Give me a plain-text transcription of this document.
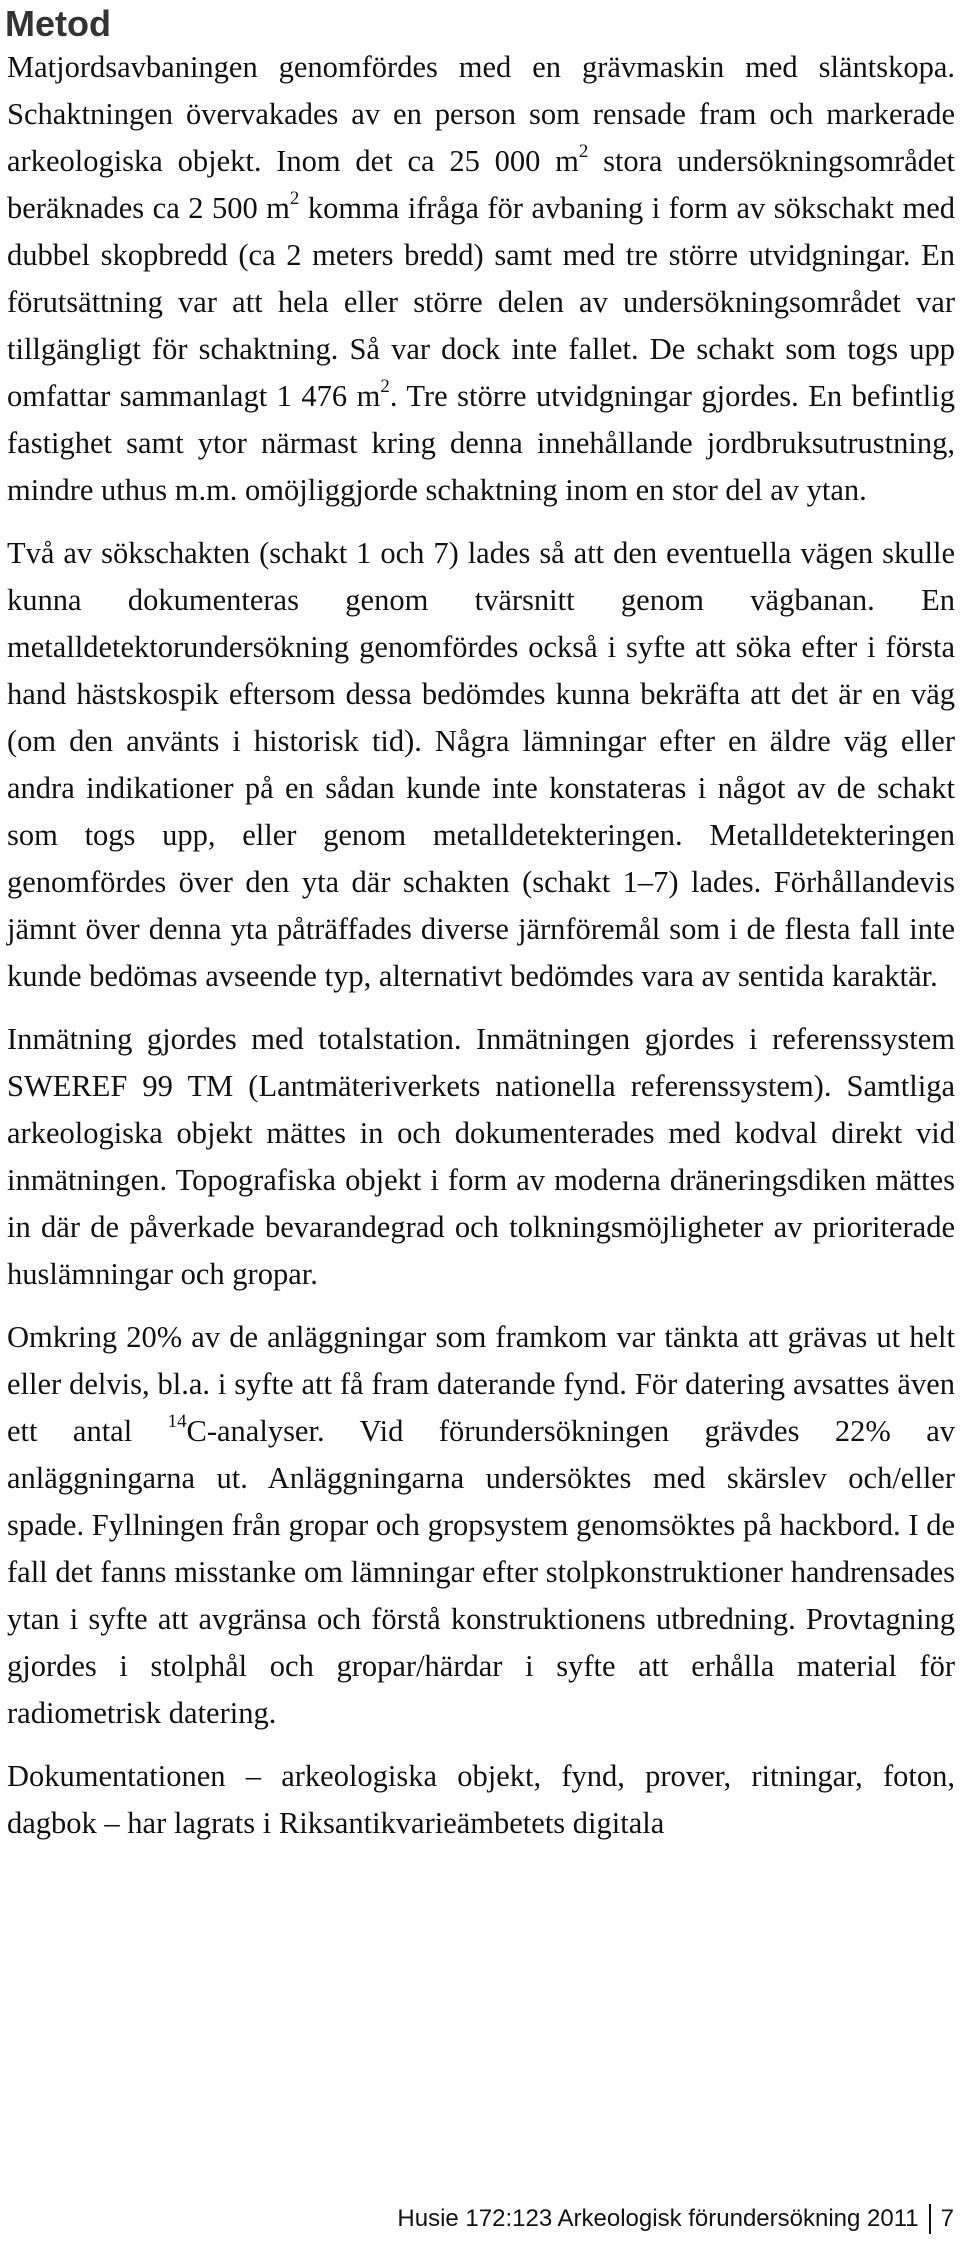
Metod

Matjordsavbaningen genomfördes med en grävmaskin med släntskopa. Schaktningen övervakades av en person som rensade fram och markerade arkeologiska objekt. Inom det ca 25 000 $m^2$ stora undersökningsområdet beräknades ca 2 500 $m^2$ komma ifråga för avbaning i form av sökschakt med dubbel skopbredd (ca 2 meters bredd) samt med tre större utvidgningar. En förutsättning var att hela eller större delen av undersökningsområdet var tillgängligt för schaktning. Så var dock inte fallet. De schakt som togs upp omfattar sammanlagt 1 476 $m^2$. Tre större utvidgningar gjordes. En befintlig fastighet samt ytor närmast kring denna innehållande jordbruksutrustning, mindre uthus m.m. omöjliggjorde schaktning inom en stor del av ytan.

Två av sökschakten (schakt 1 och 7) lades så att den eventuella vägen skulle kunna dokumenteras genom tvärsnitt genom vägbanan. En metalldetektorundersökning genomfördes också i syfte att söka efter i första hand hästskospik eftersom dessa bedömdes kunna bekräfta att det är en väg (om den använts i historisk tid). Några lämningar efter en äldre väg eller andra indikationer på en sådan kunde inte konstateras i något av de schakt som togs upp, eller genom metalldetekteringen. Metalldetekteringen genomfördes över den yta där schakten (schakt 1–7) lades. Förhållandevis jämnt över denna yta påträffades diverse järnföremål som i de flesta fall inte kunde bedömas avseende typ, alternativt bedömdes vara av sentida karaktär.

Inmätning gjordes med totalstation. Inmätningen gjordes i referenssystem SWEREF 99 TM (Lantmäteriverkets nationella referenssystem). Samtliga arkeologiska objekt mättes in och dokumenterades med kodval direkt vid inmätningen. Topografiska objekt i form av moderna dräneringsdiken mättes in där de påverkade bevarandegrad och tolkningsmöjligheter av prioriterade huslämningar och gropar.

Omkring 20% av de anläggningar som framkom var tänkta att grävas ut helt eller delvis, bl.a. i syfte att få fram daterande fynd. För datering avsattes även ett antal $^{14}$C-analyser. Vid förundersökningen grävdes 22% av anläggningarna ut. Anläggningarna undersöktes med skärslev och/eller spade. Fyllningen från gropar och gropsystem genomsöktes på hackbord. I de fall det fanns misstanke om lämningar efter stolpkonstruktioner handrensades ytan i syfte att avgränsa och förstå konstruktionens utbredning. Provtagning gjordes i stolphål och gropar/härdar i syfte att erhålla material för radiometrisk datering.

Dokumentationen – arkeologiska objekt, fynd, prover, ritningar, foton, dagbok – har lagrats i Riksantikvarieämbetets digitala

Husie 172:123 Arkeologisk förundersökning 2011 7
